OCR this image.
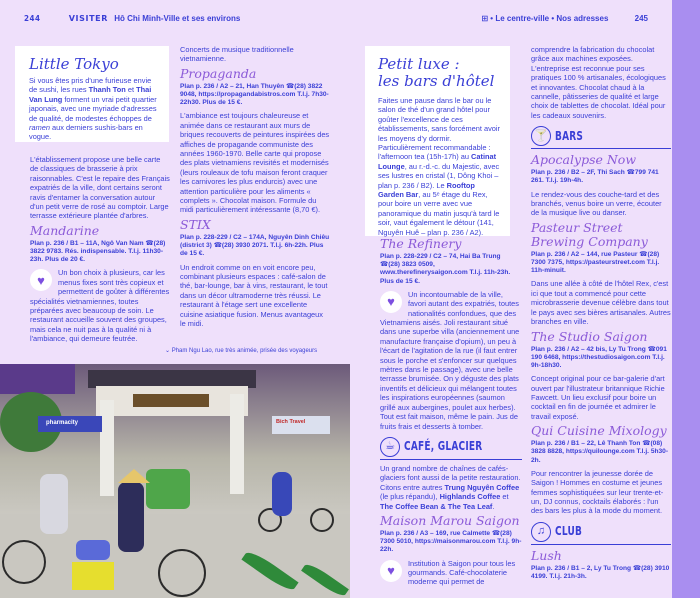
244	VISITER Hô Chi Minh-Ville et ses environs	⊞ • Le centre-ville • Nos adresses	245
Little Tokyo
Si vous êtes pris d'une furieuse envie de sushi, les rues Thanh Ton et Thai Van Lung forment un vrai petit quartier japonais, avec une myriade d'adresses de qualité, de modestes échoppes de ramen aux derniers sushis-bars en vogue.
L'établissement propose une belle carte de classiques de brasserie à prix raisonnables. C'est le repaire des Français expatriés de la ville, dont certains seront ravis d'entamer la conversation autour d'un petit verre de rosé au comptoir. Large terrasse extérieure plantée d'arbres.
Mandarine
Plan p. 236 / B1 – 11A, Ngô Van Nam ☎(28) 3822 9783. Rés. indispensable. T.l.j. 11h30-23h. Plus de 20 €.
♥	Un bon choix à plusieurs, car les menus fixes sont très copieux et permettent de goûter à différentes spécialités vietnamiennes, toutes préparées avec beaucoup de soin. Le restaurant accueille souvent des groupes, mais cela ne nuit pas à la qualité ni à l'ambiance, qui demeure feutrée.
Concerts de musique traditionnelle vietnamienne.
Propaganda
Plan p. 236 / A2 – 21, Han Thuyên ☎(28) 3822 9048, https://propagandabistros.com T.l.j. 7h30-22h30. Plus de 15 €.
L'ambiance est toujours chaleureuse et animée dans ce restaurant aux murs de briques recouverts de peintures inspirées des affiches de propagande communiste des années 1960-1970. Belle carte qui propose des plats vietnamiens revisités et modernisés (leurs rouleaux de tofu maison feront craquer les carnivores les plus endurcis) avec une attention particulière pour les aliments « complets ». Chocolat maison. Formule du midi particulièrement intéressante (8,70 €).
STIX
Plan p. 228-229 / C2 – 174A, Nguyên Dinh Chiêu (district 3) ☎(28) 3930 2071. T.l.j. 6h-22h. Plus de 15 €.
Un endroit comme on en voit encore peu, combinant plusieurs espaces : café-salon de thé, bar-lounge, bar à vins, restaurant, le tout dans un décor ultramoderne très réussi. Le restaurant à l'étage sert une excellente cuisine asiatique fusion. Menus avantageux le midi.
⌄ Pham Ngu Lao, rue très animée, prisée des voyageurs
pharmacity	Bich Travel
Petit luxe :
les bars d'hôtel
Faites une pause dans le bar ou le salon de thé d'un grand hôtel pour goûter l'excellence de ces établissements, sans forcément avoir les moyens d'y dormir. Particulièrement recommandable : l'afternoon tea (15h-17h) au Catinat Lounge, au r.-d.-c. du Majestic, avec ses lustres en cristal (1, Dông Khoi – plan p. 236 / B2). Le Rooftop Garden Bar, au 5ᵉ étage du Rex, pour boire un verre avec vue panoramique du matin jusqu'à tard le soir, vaut également le détour (141, Nguyên Huê – plan p. 236 / A2).
The Refinery
Plan p. 228-229 / C2 – 74, Hai Ba Trung ☎(28) 3823 0509, www.therefinerysaigon.com T.l.j. 11h-23h. Plus de 15 €.
♥	Un incontournable de la ville, favori autant des expatriés, toutes nationalités confondues, que des Vietnamiens aisés. Joli restaurant situé dans une superbe villa (anciennement une manufacture française d'opium), un peu à l'écart de l'agitation de la rue (il faut entrer sous le porche et s'enfoncer sur quelques mètres dans le passage), avec une belle terrasse brumisée. On y déguste des plats inventifs et délicieux qui mélangent toutes les inspirations européennes (saumon grillé aux aubergines, poulet aux herbes). Tout est fait maison, même le pain. Jus de fruits frais et desserts à tomber.
☕ CAFÉ, GLACIER
Un grand nombre de chaînes de cafés-glaciers font aussi de la petite restauration. Citons entre autres Trung Nguyên Coffee (le plus répandu), Highlands Coffee et The Coffee Bean & The Tea Leaf.
Maison Marou Saigon
Plan p. 236 / A3 – 169, rue Calmette ☎(28) 7300 5010, https://maisonmarou.com T.l.j. 9h-22h.
♥	Institution à Saigon pour tous les gourmands. Café-chocolaterie moderne qui permet de
comprendre la fabrication du chocolat grâce aux machines exposées. L'entreprise est reconnue pour ses pratiques 100 % artisanales, écologiques et innovantes. Chocolat chaud à la cannelle, pâtisseries de qualité et large choix de tablettes de chocolat. Idéal pour les cadeaux souvenirs.
🍸 BARS
Apocalypse Now
Plan p. 236 / B2 – 2F, Thi Sach ☎799 741 261. T.l.j. 19h-4h.
Le rendez-vous des couche-tard et des branchés, venus boire un verre, écouter de la musique live ou danser.
Pasteur Street Brewing Company
Plan p. 236 / A2 – 144, rue Pasteur ☎(28) 7300 7375, https://pasteurstreet.com T.l.j. 11h-minuit.
Dans une allée à côté de l'hôtel Rex, c'est ici que tout a commencé pour cette microbrasserie devenue célèbre dans tout le pays avec ses bières artisanales. Autres branches en ville.
The Studio Saigon
Plan p. 236 / A2 – 42 bis, Ly Tu Trong ☎091 190 6468, https://thestudiosaigon.com T.l.j. 9h-18h30.
Concept original pour ce bar-galerie d'art ouvert par l'illustrateur britannique Richie Fawcett. Un lieu exclusif pour boire un cocktail en fin de journée et admirer le travail exposé.
Qui Cuisine Mixology
Plan p. 236 / B1 – 22, Lê Thanh Ton ☎(08) 3828 8828, https://quilounge.com T.l.j. 5h30-2h.
Pour rencontrer la jeunesse dorée de Saigon ! Hommes en costume et jeunes femmes sophistiquées sur leur trente-et-un, DJ connus, cocktails élaborés : l'un des bars les plus à la mode du moment.
♫ CLUB
Lush
Plan p. 236 / B1 – 2, Ly Tu Trong ☎(28) 3910 4199. T.l.j. 21h-3h.
